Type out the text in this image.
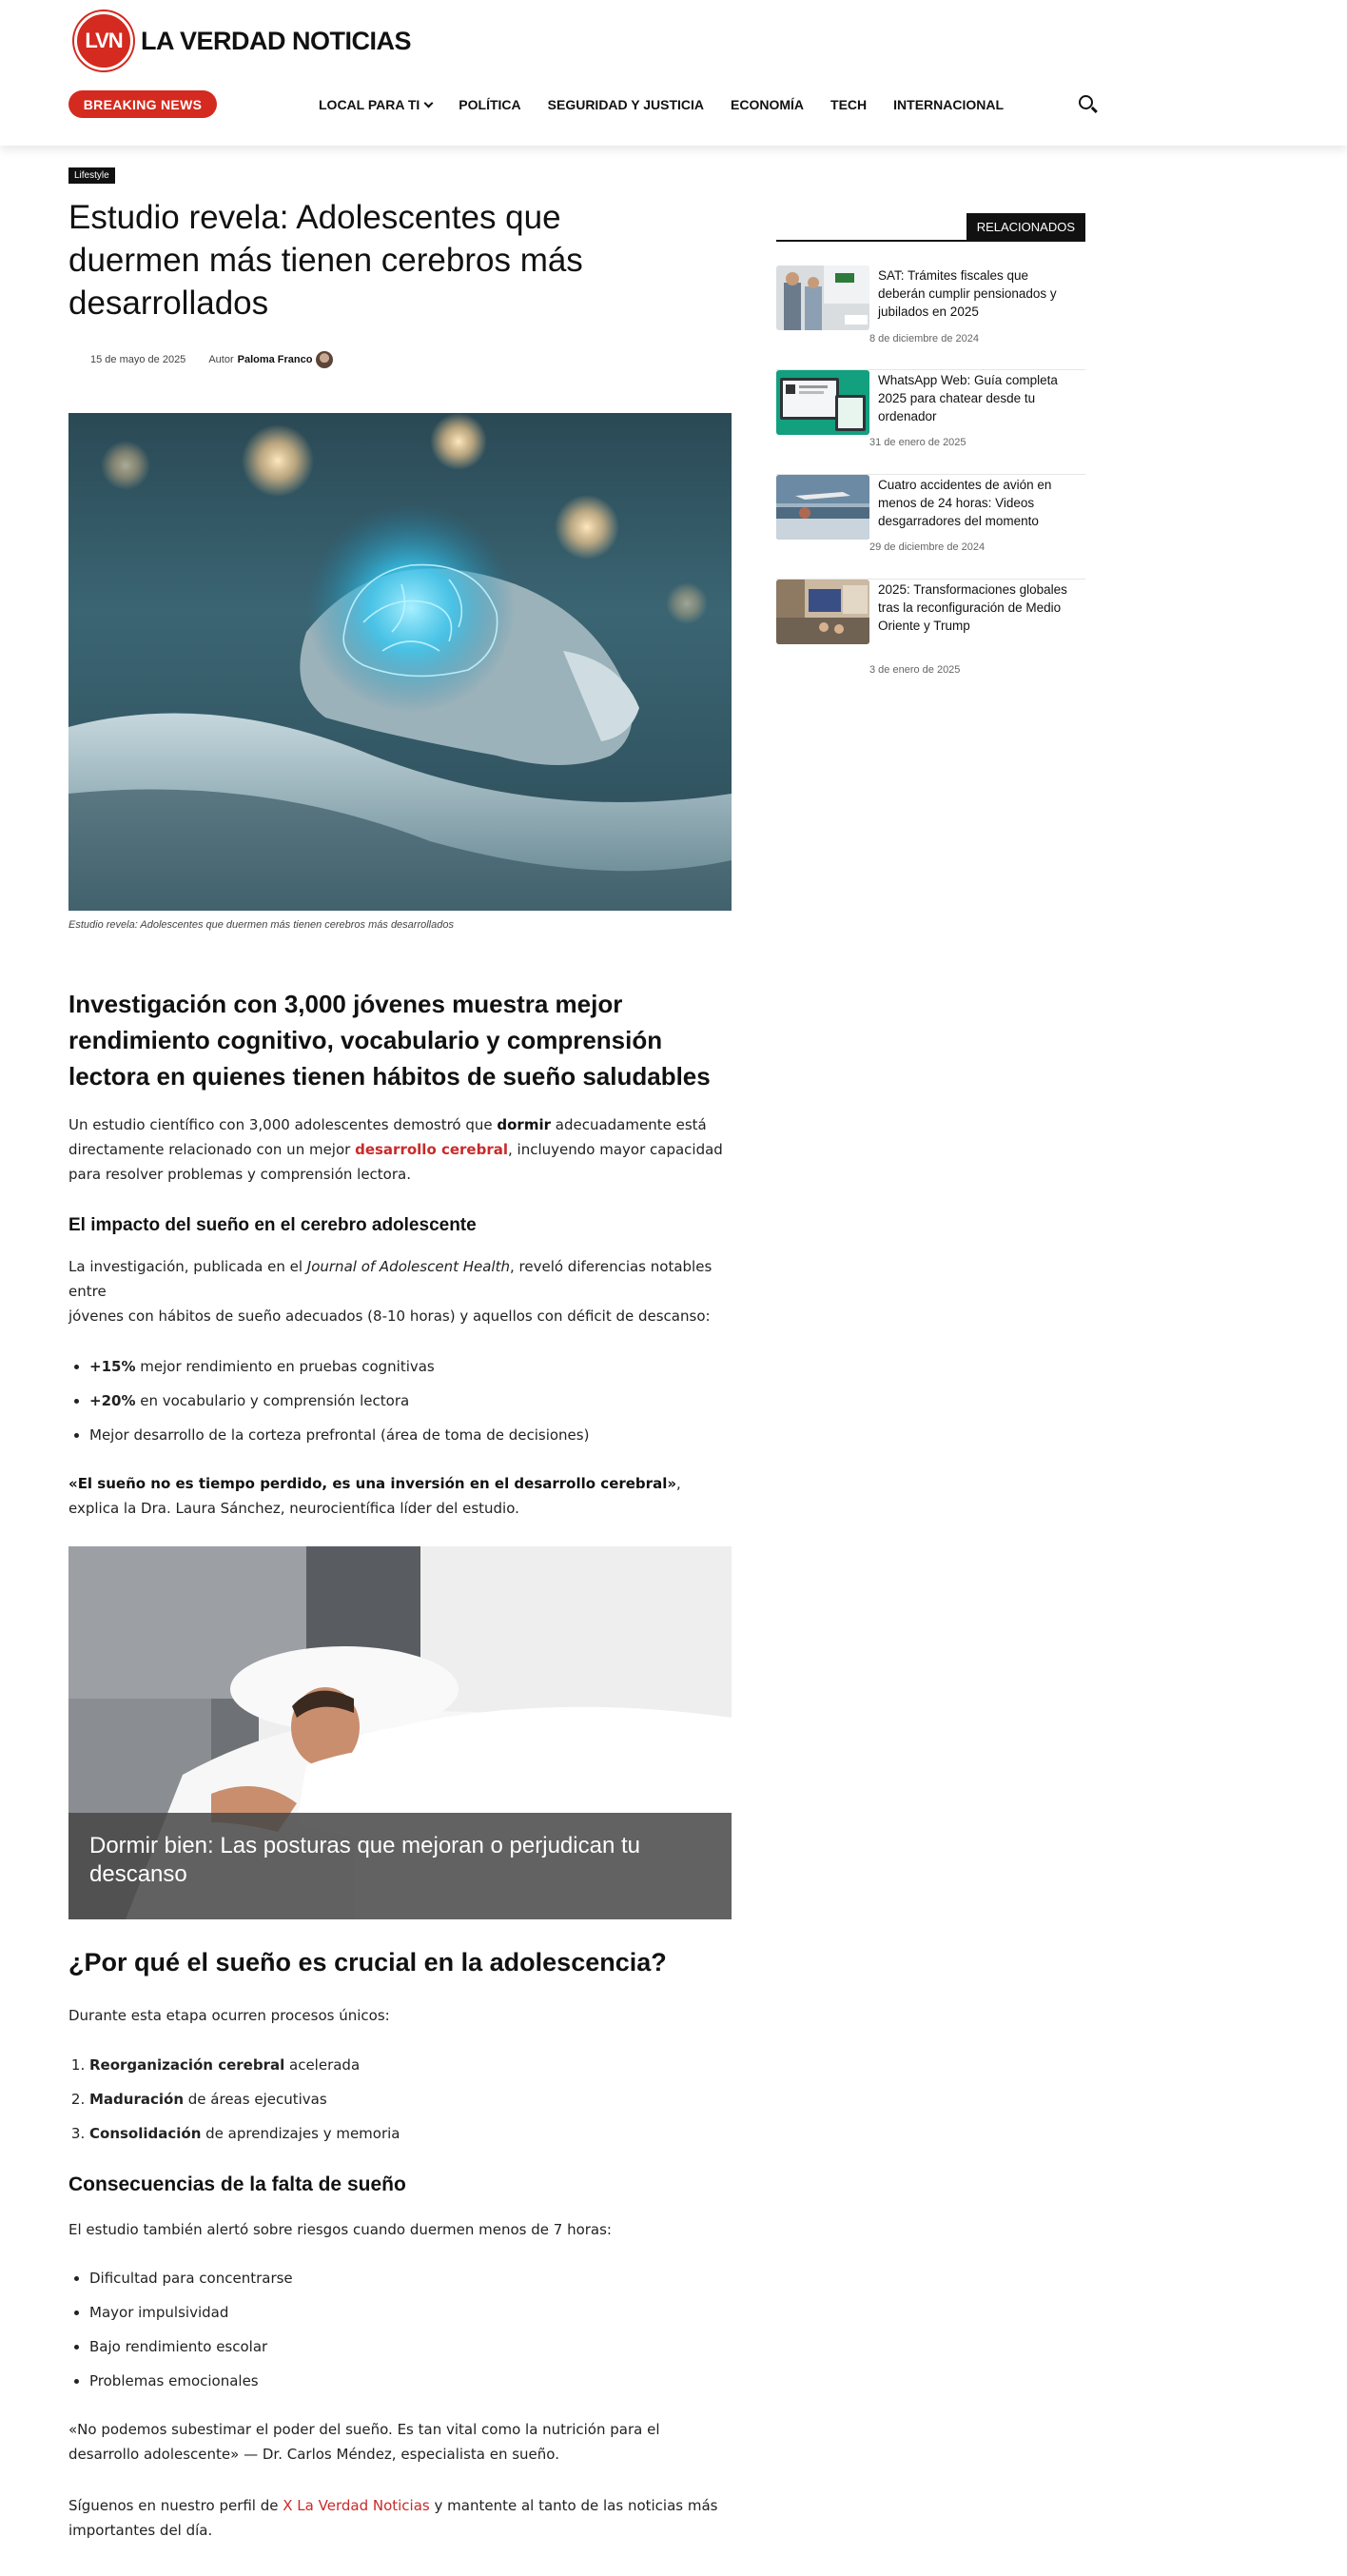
LVN LA VERDAD NOTICIAS
BREAKING NEWS	LOCAL PARA TI	POLÍTICA SEGURIDAD Y JUSTICIA ECONOMÍA TECH INTERNACIONAL
Lifestyle
Estudio revela: Adolescentes que duermen más tienen cerebros más desarrollados
15 de mayo de 2025 Autor Paloma Franco
Estudio revela: Adolescentes que duermen más tienen cerebros más desarrollados
Investigación con 3,000 jóvenes muestra mejor rendimiento cognitivo, vocabulario y comprensión lectora en quienes tienen hábitos de sueño saludables

Un estudio científico con 3,000 adolescentes demostró que dormir adecuadamente está directamente relacionado con un mejor desarrollo cerebral, incluyendo mayor capacidad para resolver problemas y comprensión lectora.

El impacto del sueño en el cerebro adolescente

La investigación, publicada en el Journal of Adolescent Health, reveló diferencias notables entre
jóvenes con hábitos de sueño adecuados (8-10 horas) y aquellos con déficit de descanso:

• +15% mejor rendimiento en pruebas cognitivas
• +20% en vocabulario y comprensión lectora
• Mejor desarrollo de la corteza prefrontal (área de toma de decisiones)

«El sueño no es tiempo perdido, es una inversión en el desarrollo cerebral», explica la Dra. Laura Sánchez, neurocientífica líder del estudio.

Dormir bien: Las posturas que mejoran o perjudican tu descanso
¿Por qué el sueño es crucial en la adolescencia?

Durante esta etapa ocurren procesos únicos:

1. Reorganización cerebral acelerada
2. Maduración de áreas ejecutivas
3. Consolidación de aprendizajes y memoria
Consecuencias de la falta de sueño

El estudio también alertó sobre riesgos cuando duermen menos de 7 horas:

• Dificultad para concentrarse
• Mayor impulsividad
• Bajo rendimiento escolar
• Problemas emocionales

«No podemos subestimar el poder del sueño. Es tan vital como la nutrición para el desarrollo adolescente» — Dr. Carlos Méndez, especialista en sueño.

Síguenos en nuestro perfil de X La Verdad Noticias y mantente al tanto de las noticias más importantes del día.

RELACIONADOS
SAT: Trámites fiscales que deberán cumplir pensionados y jubilados en 2025
8 de diciembre de 2024
WhatsApp Web: Guía completa 2025 para chatear desde tu ordenador
31 de enero de 2025
Cuatro accidentes de avión en menos de 24 horas: Videos desgarradores del momento
29 de diciembre de 2024
2025: Transformaciones globales tras la reconfiguración de Medio Oriente y Trump
3 de enero de 2025
